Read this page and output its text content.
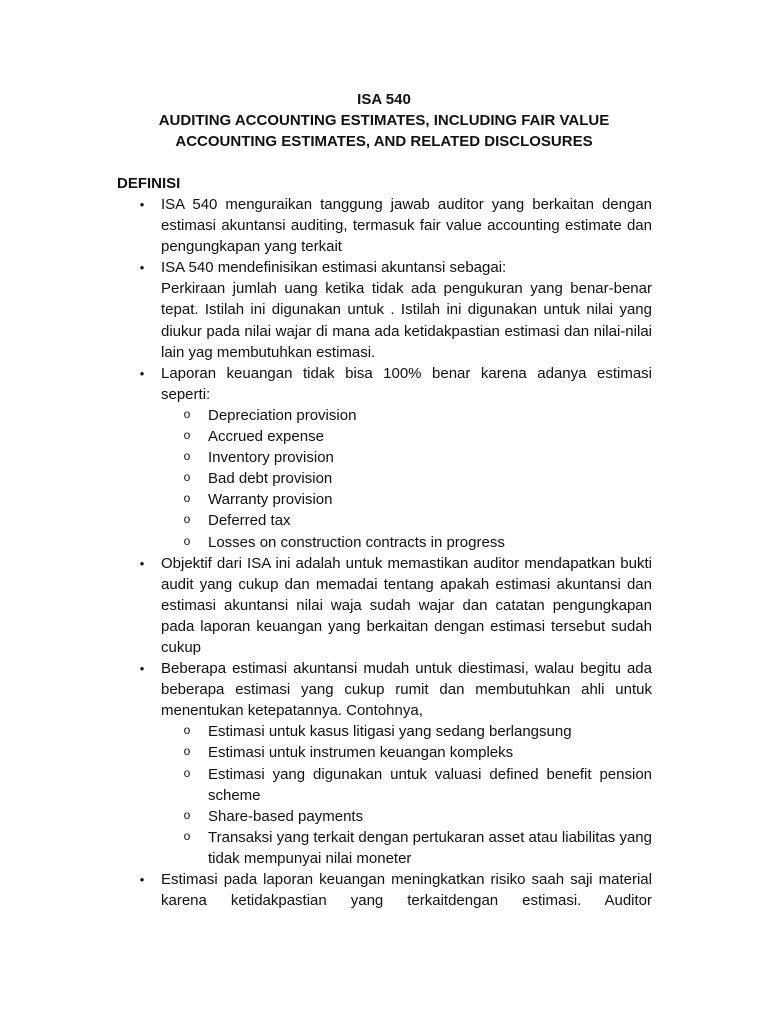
ISA 540
AUDITING ACCOUNTING ESTIMATES, INCLUDING FAIR VALUE
ACCOUNTING ESTIMATES, AND RELATED DISCLOSURES
DEFINISI
• ISA 540 menguraikan tanggung jawab auditor yang berkaitan dengan estimasi akuntansi auditing, termasuk fair value accounting estimate dan pengungkapan yang terkait
• ISA 540 mendefinisikan estimasi akuntansi sebagai:
Perkiraan jumlah uang ketika tidak ada pengukuran yang benar-benar tepat. Istilah ini digunakan untuk . Istilah ini digunakan untuk nilai yang diukur pada nilai wajar di mana ada ketidakpastian estimasi dan nilai-nilai lain yag membutuhkan estimasi.
• Laporan keuangan tidak bisa 100% benar karena adanya estimasi seperti:
o Depreciation provision
o Accrued expense
o Inventory provision
o Bad debt provision
o Warranty provision
o Deferred tax
o Losses on construction contracts in progress
• Objektif dari ISA ini adalah untuk memastikan auditor mendapatkan bukti audit yang cukup dan memadai tentang apakah estimasi akuntansi dan estimasi akuntansi nilai waja sudah wajar dan catatan pengungkapan pada laporan keuangan yang berkaitan dengan estimasi tersebut sudah cukup
• Beberapa estimasi akuntansi mudah untuk diestimasi, walau begitu ada beberapa estimasi yang cukup rumit dan membutuhkan ahli untuk menentukan ketepatannya. Contohnya,
o Estimasi untuk kasus litigasi yang sedang berlangsung
o Estimasi untuk instrumen keuangan kompleks
o Estimasi yang digunakan untuk valuasi defined benefit pension scheme
o Share-based payments
o Transaksi yang terkait dengan pertukaran asset atau liabilitas yang tidak mempunyai nilai moneter
• Estimasi pada laporan keuangan meningkatkan risiko saah saji material karena ketidakpastian yang terkaitdengan estimasi. Auditor
